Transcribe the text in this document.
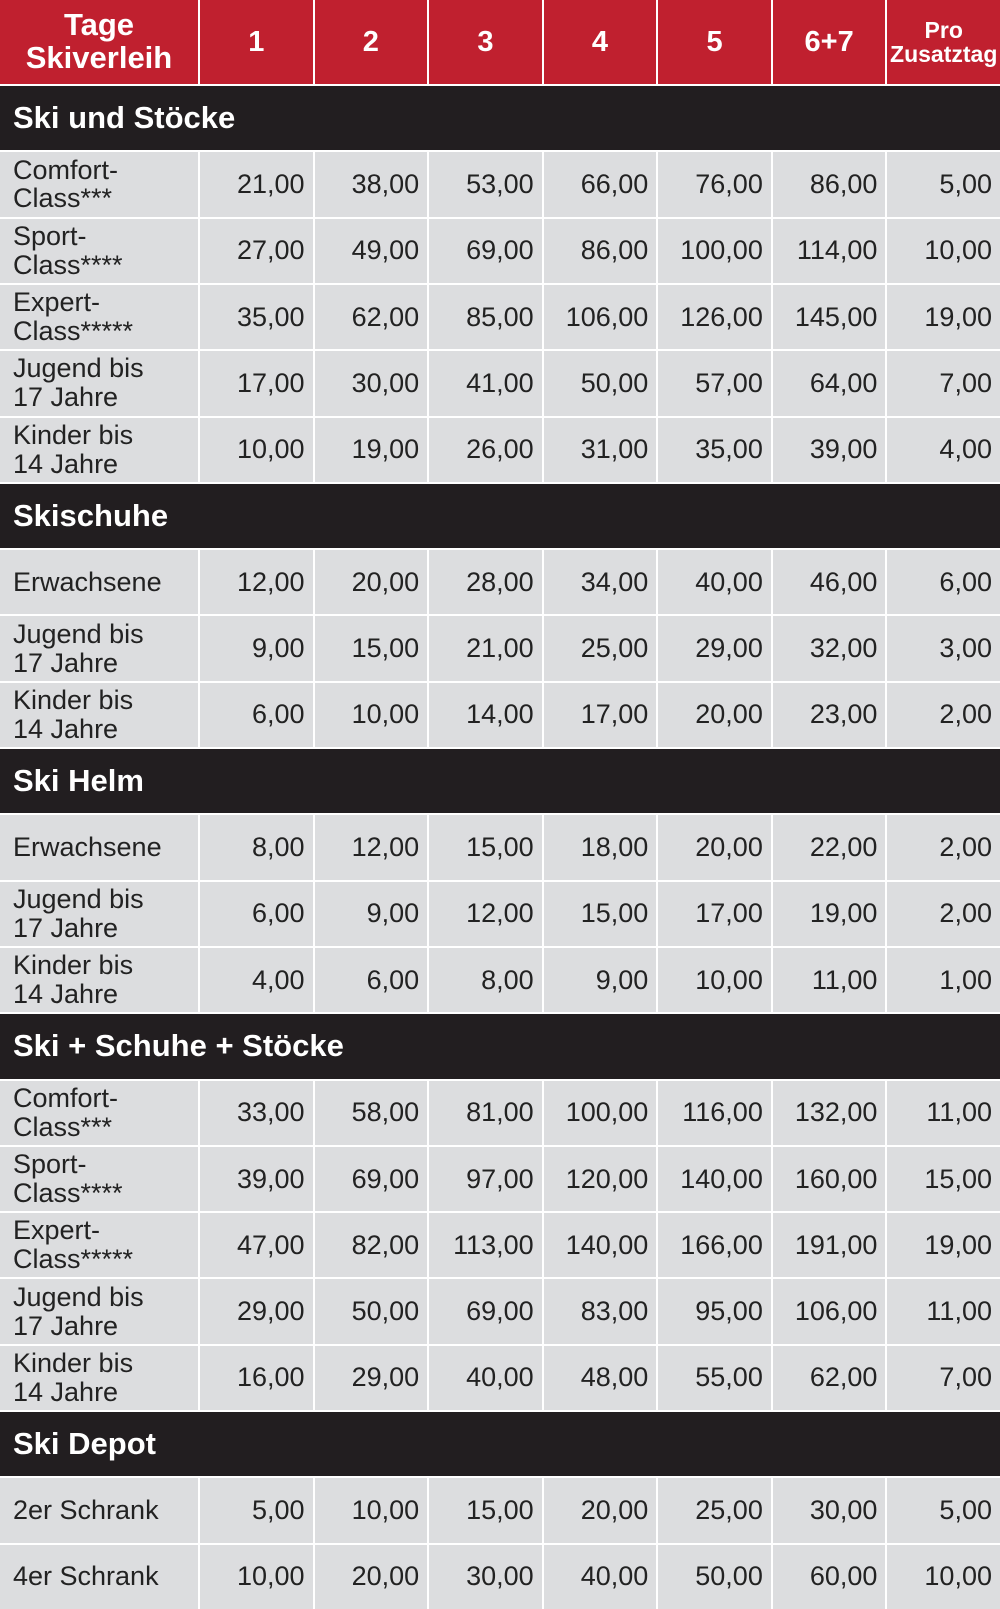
Tage
Skiverleih	1	2	3	4	5	6+7	Pro
Zusatztag
Ski und Stöcke
Comfort-
Class***	21,00	38,00	53,00	66,00	76,00	86,00	5,00
Sport-
Class****	27,00	49,00	69,00	86,00	100,00	114,00	10,00
Expert-
Class*****	35,00	62,00	85,00	106,00	126,00	145,00	19,00
Jugend bis
17 Jahre	17,00	30,00	41,00	50,00	57,00	64,00	7,00
Kinder bis
14 Jahre	10,00	19,00	26,00	31,00	35,00	39,00	4,00
Skischuhe
Erwachsene	12,00	20,00	28,00	34,00	40,00	46,00	6,00
Jugend bis
17 Jahre	9,00	15,00	21,00	25,00	29,00	32,00	3,00
Kinder bis
14 Jahre	6,00	10,00	14,00	17,00	20,00	23,00	2,00
Ski Helm
Erwachsene	8,00	12,00	15,00	18,00	20,00	22,00	2,00
Jugend bis
17 Jahre	6,00	9,00	12,00	15,00	17,00	19,00	2,00
Kinder bis
14 Jahre	4,00	6,00	8,00	9,00	10,00	11,00	1,00
Ski + Schuhe + Stöcke
Comfort-
Class***	33,00	58,00	81,00	100,00	116,00	132,00	11,00
Sport-
Class****	39,00	69,00	97,00	120,00	140,00	160,00	15,00
Expert-
Class*****	47,00	82,00	113,00	140,00	166,00	191,00	19,00
Jugend bis
17 Jahre	29,00	50,00	69,00	83,00	95,00	106,00	11,00
Kinder bis
14 Jahre	16,00	29,00	40,00	48,00	55,00	62,00	7,00
Ski Depot
2er Schrank	5,00	10,00	15,00	20,00	25,00	30,00	5,00
4er Schrank	10,00	20,00	30,00	40,00	50,00	60,00	10,00
